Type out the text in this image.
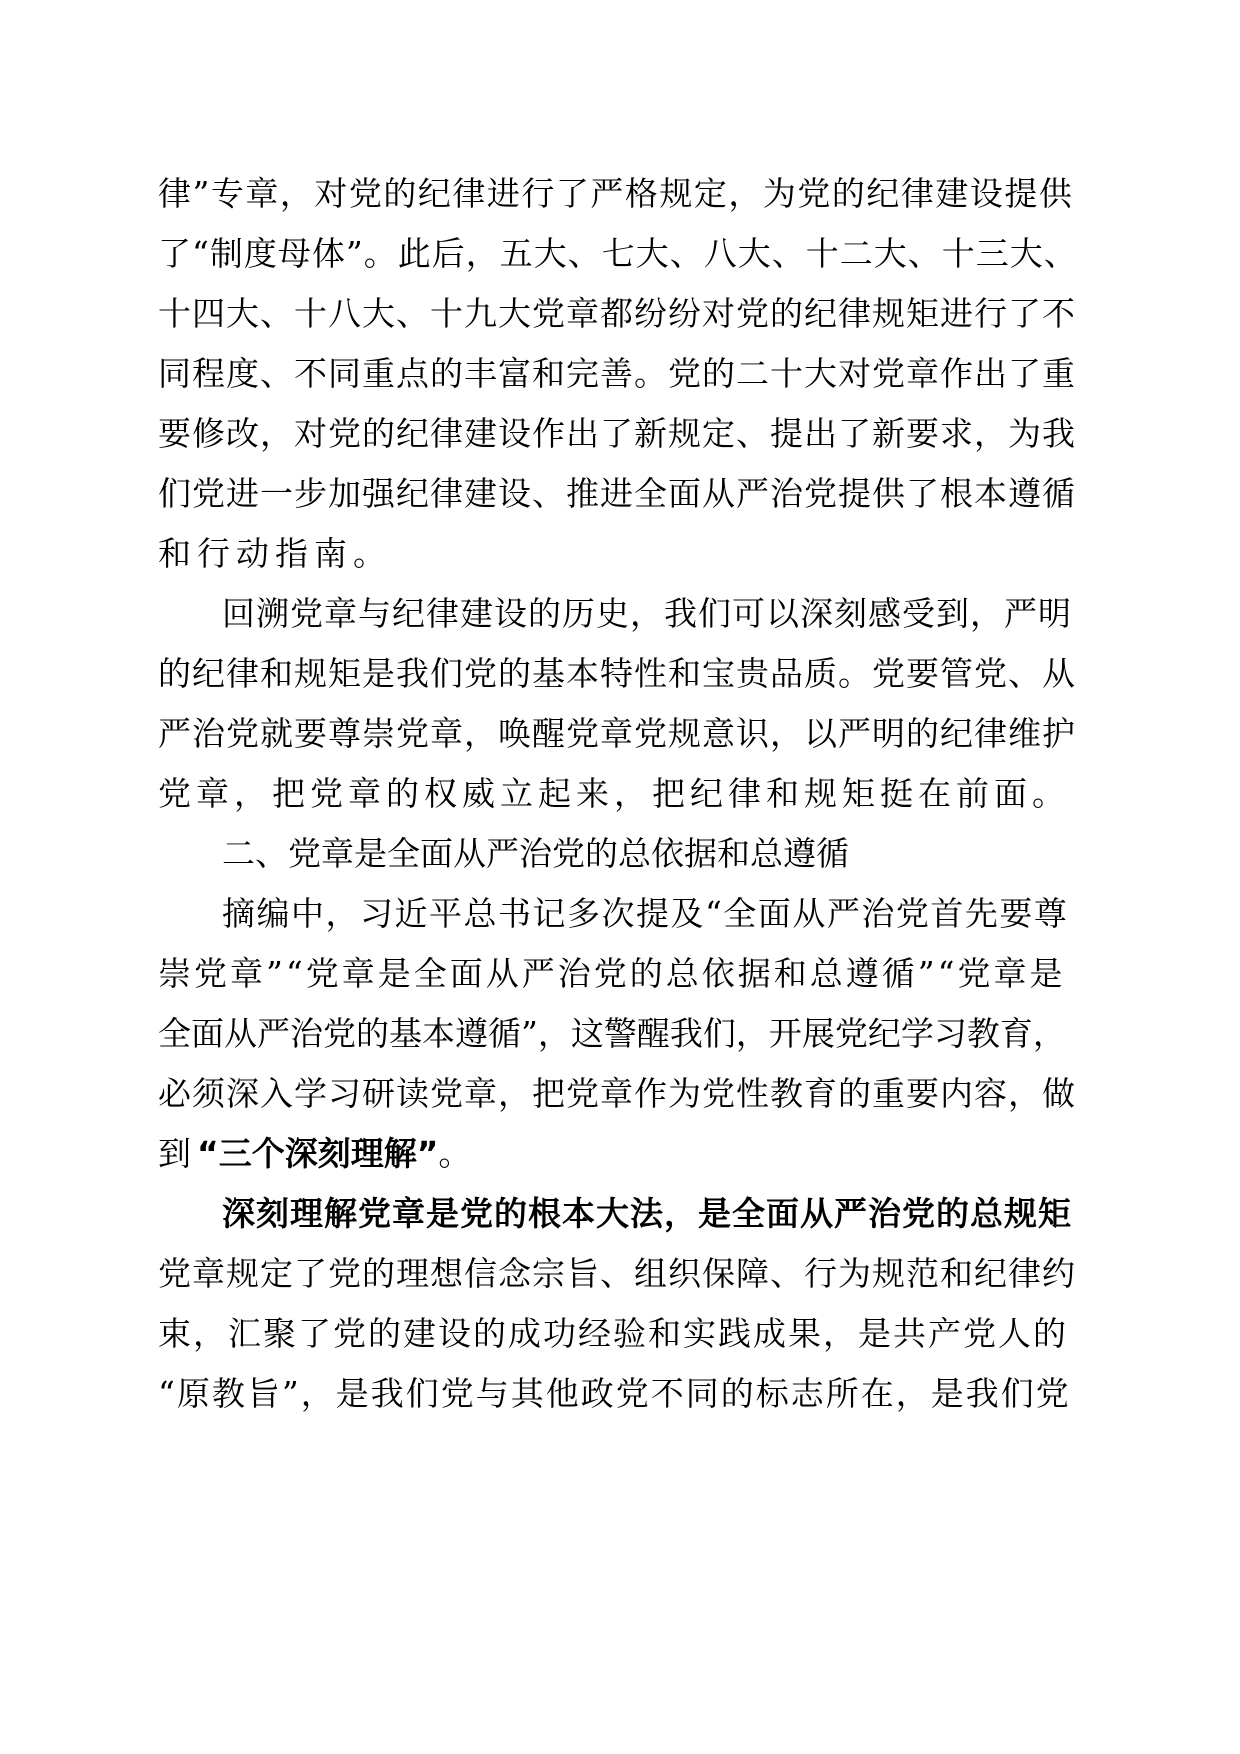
律”专章，对党的纪律进行了严格规定，为党的纪律建设提供
了“制度母体”。此后，五大、七大、八大、十二大、十三大、
十四大、十八大、十九大党章都纷纷对党的纪律规矩进行了不
同程度、不同重点的丰富和完善。党的二十大对党章作出了重
要修改，对党的纪律建设作出了新规定、提出了新要求，为我
们党进一步加强纪律建设、推进全面从严治党提供了根本遵循
和行动指南。
回溯党章与纪律建设的历史，我们可以深刻感受到，严明
的纪律和规矩是我们党的基本特性和宝贵品质。党要管党、从
严治党就要尊崇党章，唤醒党章党规意识，以严明的纪律维护
党章，把党章的权威立起来，把纪律和规矩挺在前面。
二、党章是全面从严治党的总依据和总遵循
摘编中，习近平总书记多次提及“全面从严治党首先要尊
崇党章”“党章是全面从严治党的总依据和总遵循”“党章是
全面从严治党的基本遵循”，这警醒我们，开展党纪学习教育，
必须深入学习研读党章，把党章作为党性教育的重要内容，做
到“三个深刻理解”。
深刻理解党章是党的根本大法，是全面从严治党的总规矩
党章规定了党的理想信念宗旨、组织保障、行为规范和纪律约
束，汇聚了党的建设的成功经验和实践成果，是共产党人的
“原教旨”，是我们党与其他政党不同的标志所在，是我们党
